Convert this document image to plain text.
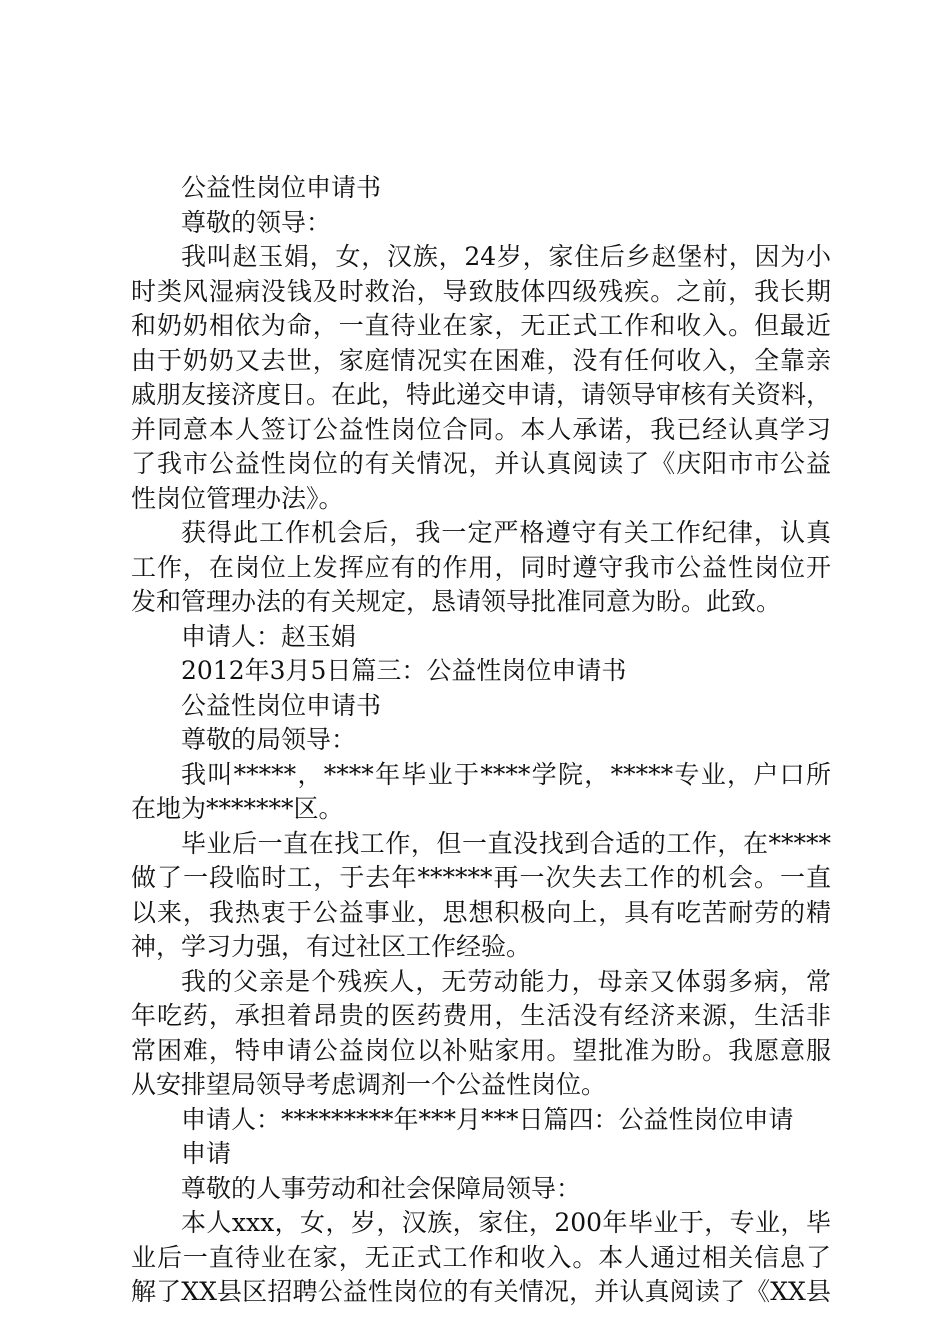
公益性岗位申请书
尊敬的领导：
我叫赵玉娟，女，汉族，24岁，家住后乡赵堡村，因为小
时类风湿病没钱及时救治，导致肢体四级残疾。之前，我长期
和奶奶相依为命，一直待业在家，无正式工作和收入。但最近
由于奶奶又去世，家庭情况实在困难，没有任何收入，全靠亲
戚朋友接济度日。在此，特此递交申请，请领导审核有关资料，
并同意本人签订公益性岗位合同。本人承诺，我已经认真学习
了我市公益性岗位的有关情况，并认真阅读了《庆阳市市公益
性岗位管理办法》。
获得此工作机会后，我一定严格遵守有关工作纪律，认真
工作，在岗位上发挥应有的作用，同时遵守我市公益性岗位开
发和管理办法的有关规定，恳请领导批准同意为盼。此致。
申请人：赵玉娟
2012年3月5日篇三：公益性岗位申请书
公益性岗位申请书
尊敬的局领导：
我叫*****，****年毕业于****学院，*****专业，户口所
在地为*******区。
毕业后一直在找工作，但一直没找到合适的工作，在*****
做了一段临时工，于去年******再一次失去工作的机会。一直
以来，我热衷于公益事业，思想积极向上，具有吃苦耐劳的精
神，学习力强，有过社区工作经验。
我的父亲是个残疾人，无劳动能力，母亲又体弱多病，常
年吃药，承担着昂贵的医药费用，生活没有经济来源，生活非
常困难，特申请公益岗位以补贴家用。望批准为盼。我愿意服
从安排望局领导考虑调剂一个公益性岗位。
申请人：*********年***月***日篇四：公益性岗位申请
申请
尊敬的人事劳动和社会保障局领导：
本人xxx，女，岁，汉族，家住，200年毕业于，专业，毕
业后一直待业在家，无正式工作和收入。本人通过相关信息了
解了XX县区招聘公益性岗位的有关情况，并认真阅读了《XX县
